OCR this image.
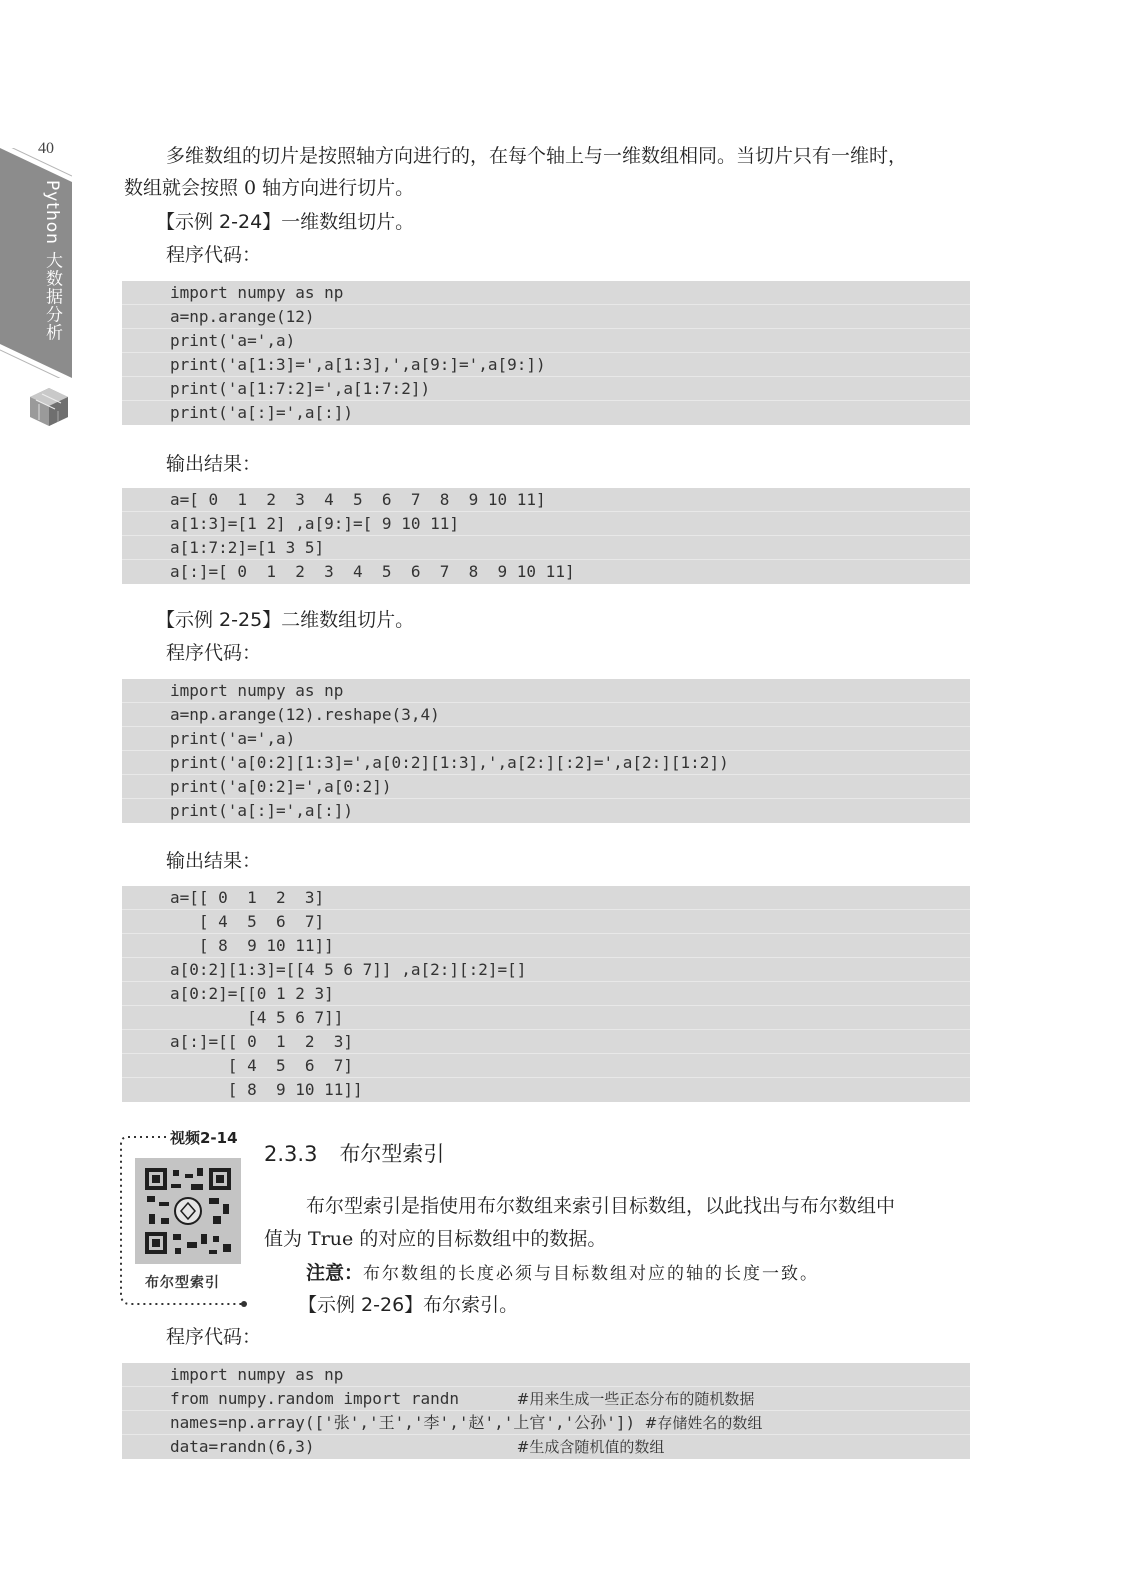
40
Python 大数据分析
多维数组的切片是按照轴方向进行的，在每个轴上与一维数组相同。当切片只有一维时，
数组就会按照 0 轴方向进行切片。
【示例 2-24】一维数组切片。
程序代码：
import numpy as np
a=np.arange(12)
print('a=',a)
print('a[1:3]=',a[1:3],',a[9:]=',a[9:])
print('a[1:7:2]=',a[1:7:2])
print('a[:]=',a[:])
输出结果：
a=[ 0  1  2  3  4  5  6  7  8  9 10 11]
a[1:3]=[1 2] ,a[9:]=[ 9 10 11]
a[1:7:2]=[1 3 5]
a[:]=[ 0  1  2  3  4  5  6  7  8  9 10 11]
【示例 2-25】二维数组切片。
程序代码：
import numpy as np
a=np.arange(12).reshape(3,4)
print('a=',a)
print('a[0:2][1:3]=',a[0:2][1:3],',a[2:][:2]=',a[2:][1:2])
print('a[0:2]=',a[0:2])
print('a[:]=',a[:])
输出结果：
a=[[ 0  1  2  3]
[ 4  5  6  7]
[ 8  9 10 11]]
a[0:2][1:3]=[[4 5 6 7]] ,a[2:][:2]=[]
a[0:2]=[[0 1 2 3]
[4 5 6 7]]
a[:]=[[ 0  1  2  3]
[ 4  5  6  7]
[ 8  9 10 11]]
视频2-14
布尔型索引
2.3.3 布尔型索引
布尔型索引是指使用布尔数组来索引目标数组，以此找出与布尔数组中
值为 True 的对应的目标数组中的数据。
注意：布尔数组的长度必须与目标数组对应的轴的长度一致。
【示例 2-26】布尔索引。
程序代码：
import numpy as np
from numpy.random import randn      #用来生成一些正态分布的随机数据
names=np.array(['张','王','李','赵','上官','公孙']) #存储姓名的数组
data=randn(6,3)                     #生成含随机值的数组
